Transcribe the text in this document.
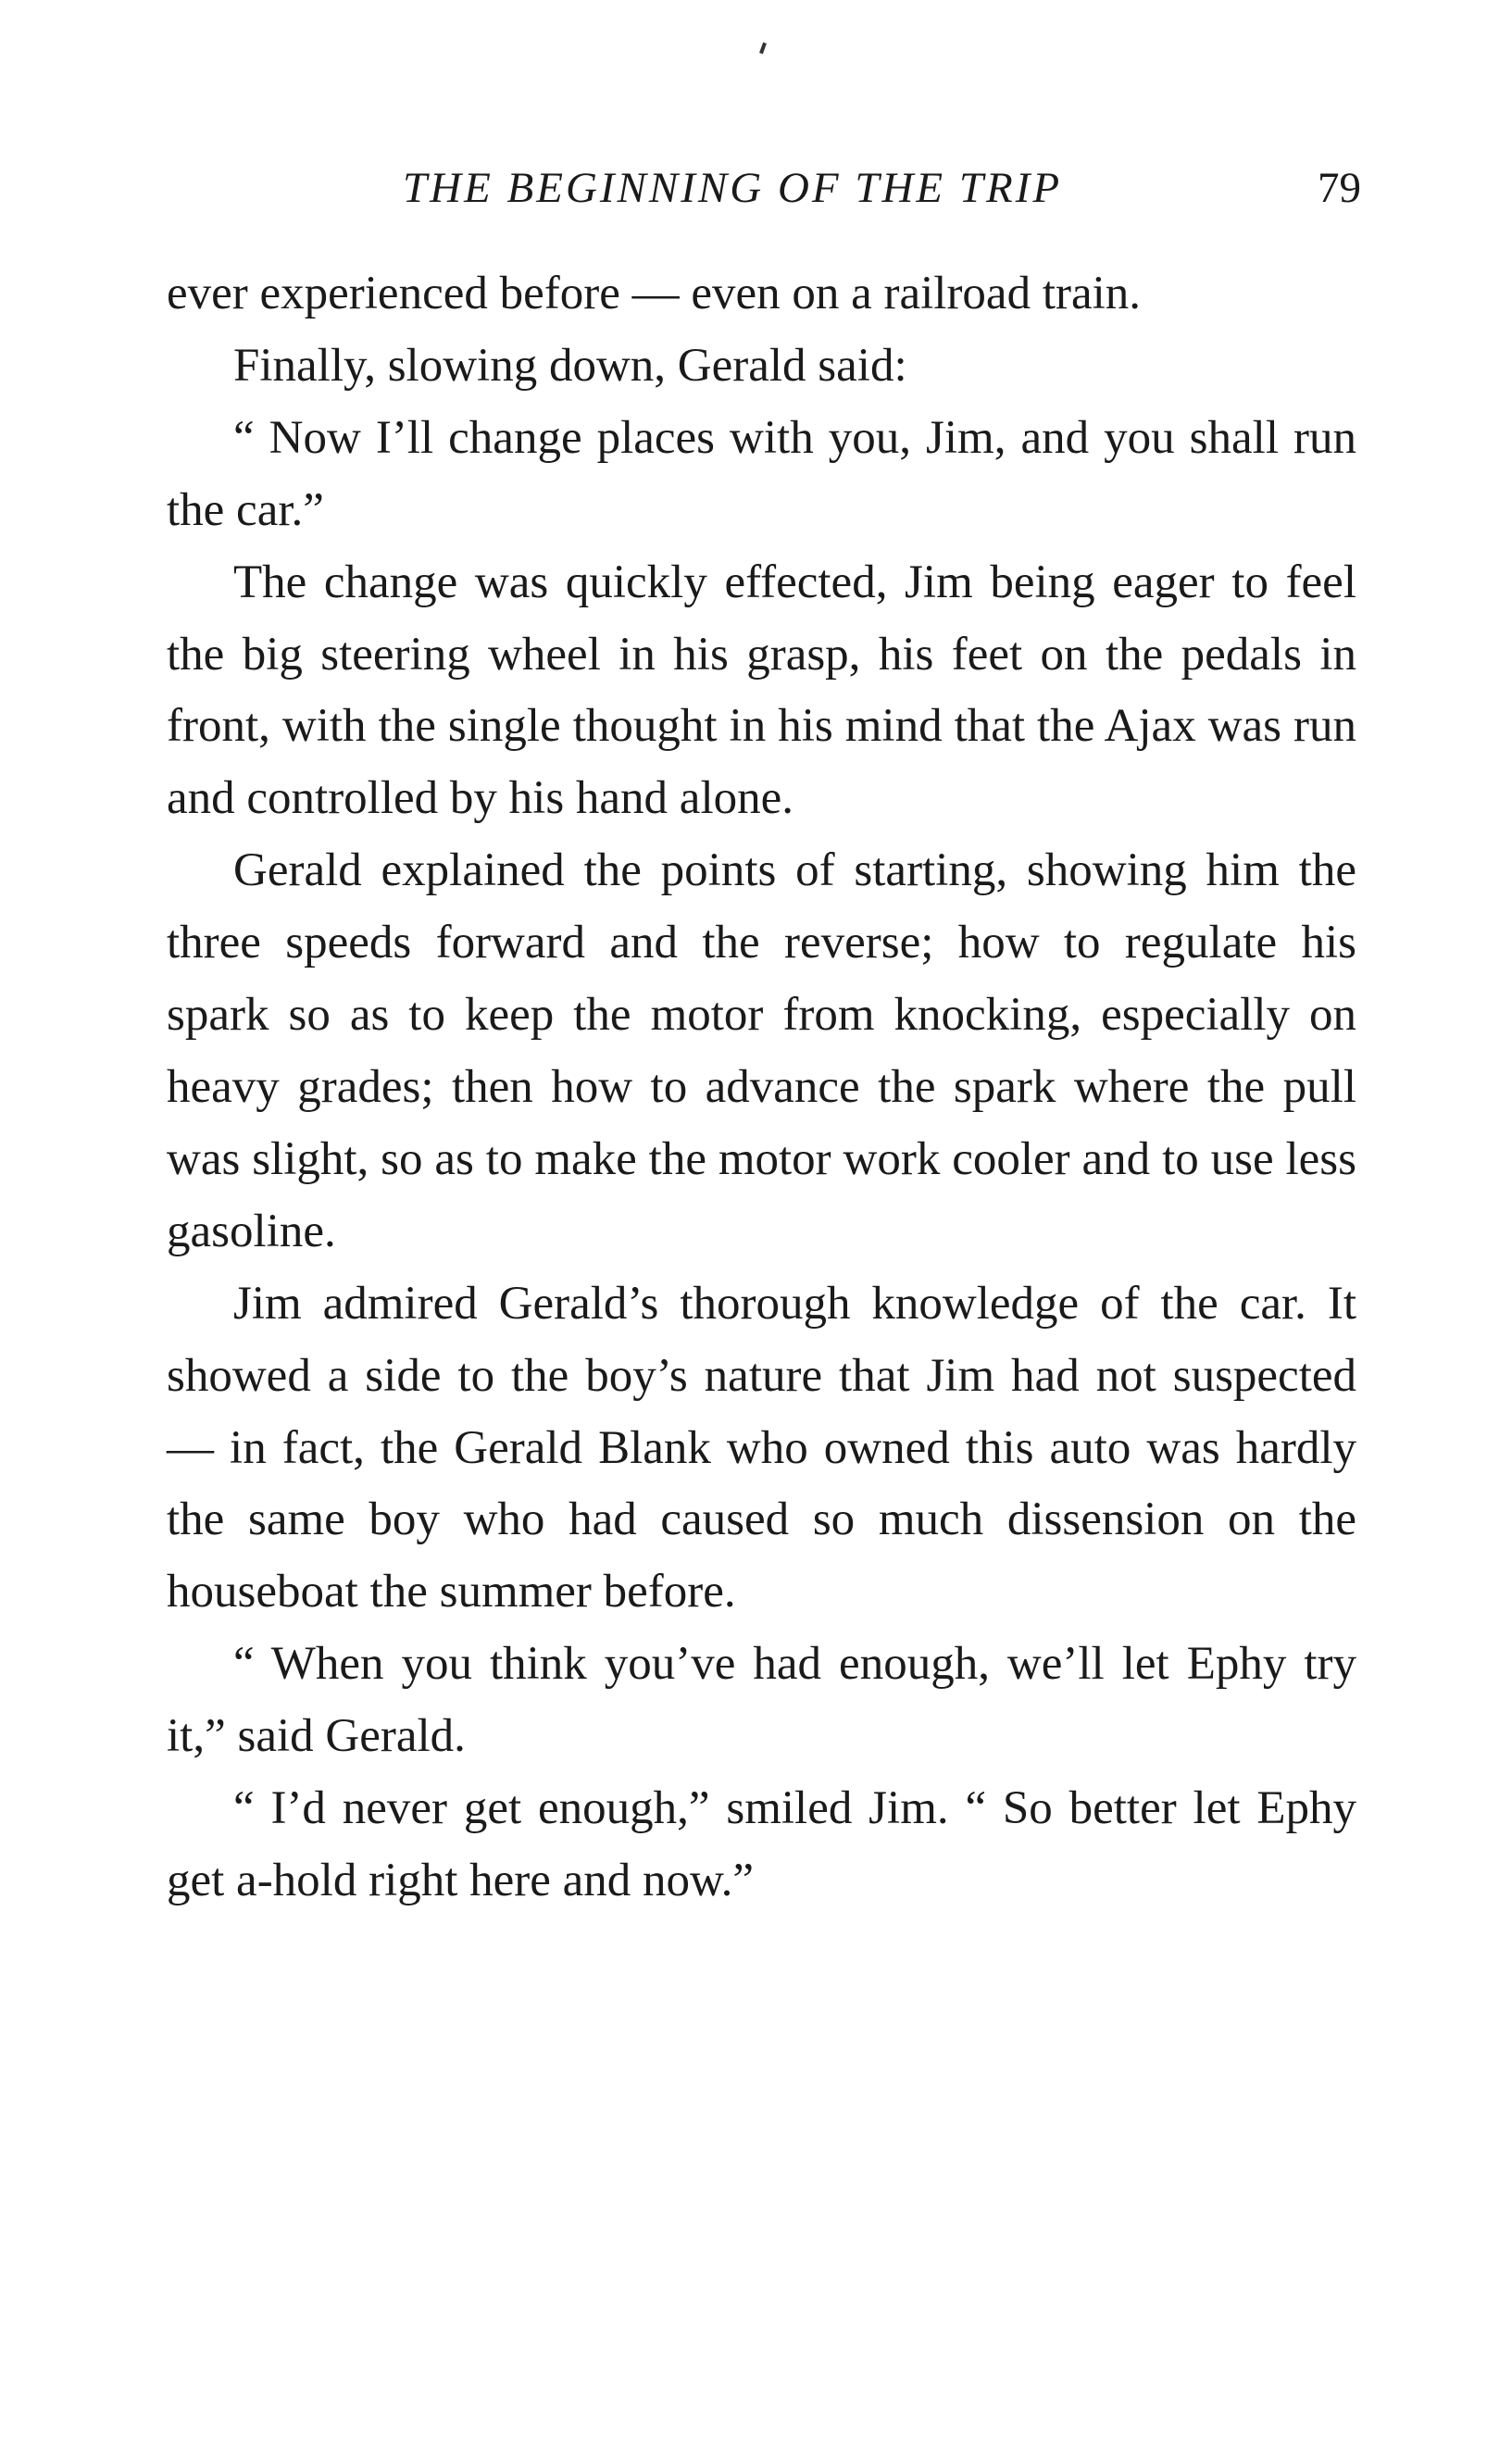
THE BEGINNING OF THE TRIP	79

ever experienced before — even on a railroad train.

Finally, slowing down, Gerald said:

“ Now I’ll change places with you, Jim, and you shall run the car.”

The change was quickly effected, Jim being eager to feel the big steering wheel in his grasp, his feet on the pedals in front, with the single thought in his mind that the Ajax was run and controlled by his hand alone.

Gerald explained the points of starting, showing him the three speeds forward and the reverse; how to regulate his spark so as to keep the motor from knocking, especially on heavy grades; then how to advance the spark where the pull was slight, so as to make the motor work cooler and to use less gasoline.

Jim admired Gerald’s thorough knowledge of the car. It showed a side to the boy’s nature that Jim had not suspected — in fact, the Gerald Blank who owned this auto was hardly the same boy who had caused so much dissension on the houseboat the summer before.

“ When you think you’ve had enough, we’ll let Ephy try it,” said Gerald.

“ I’d never get enough,” smiled Jim. “ So better let Ephy get a-hold right here and now.”
